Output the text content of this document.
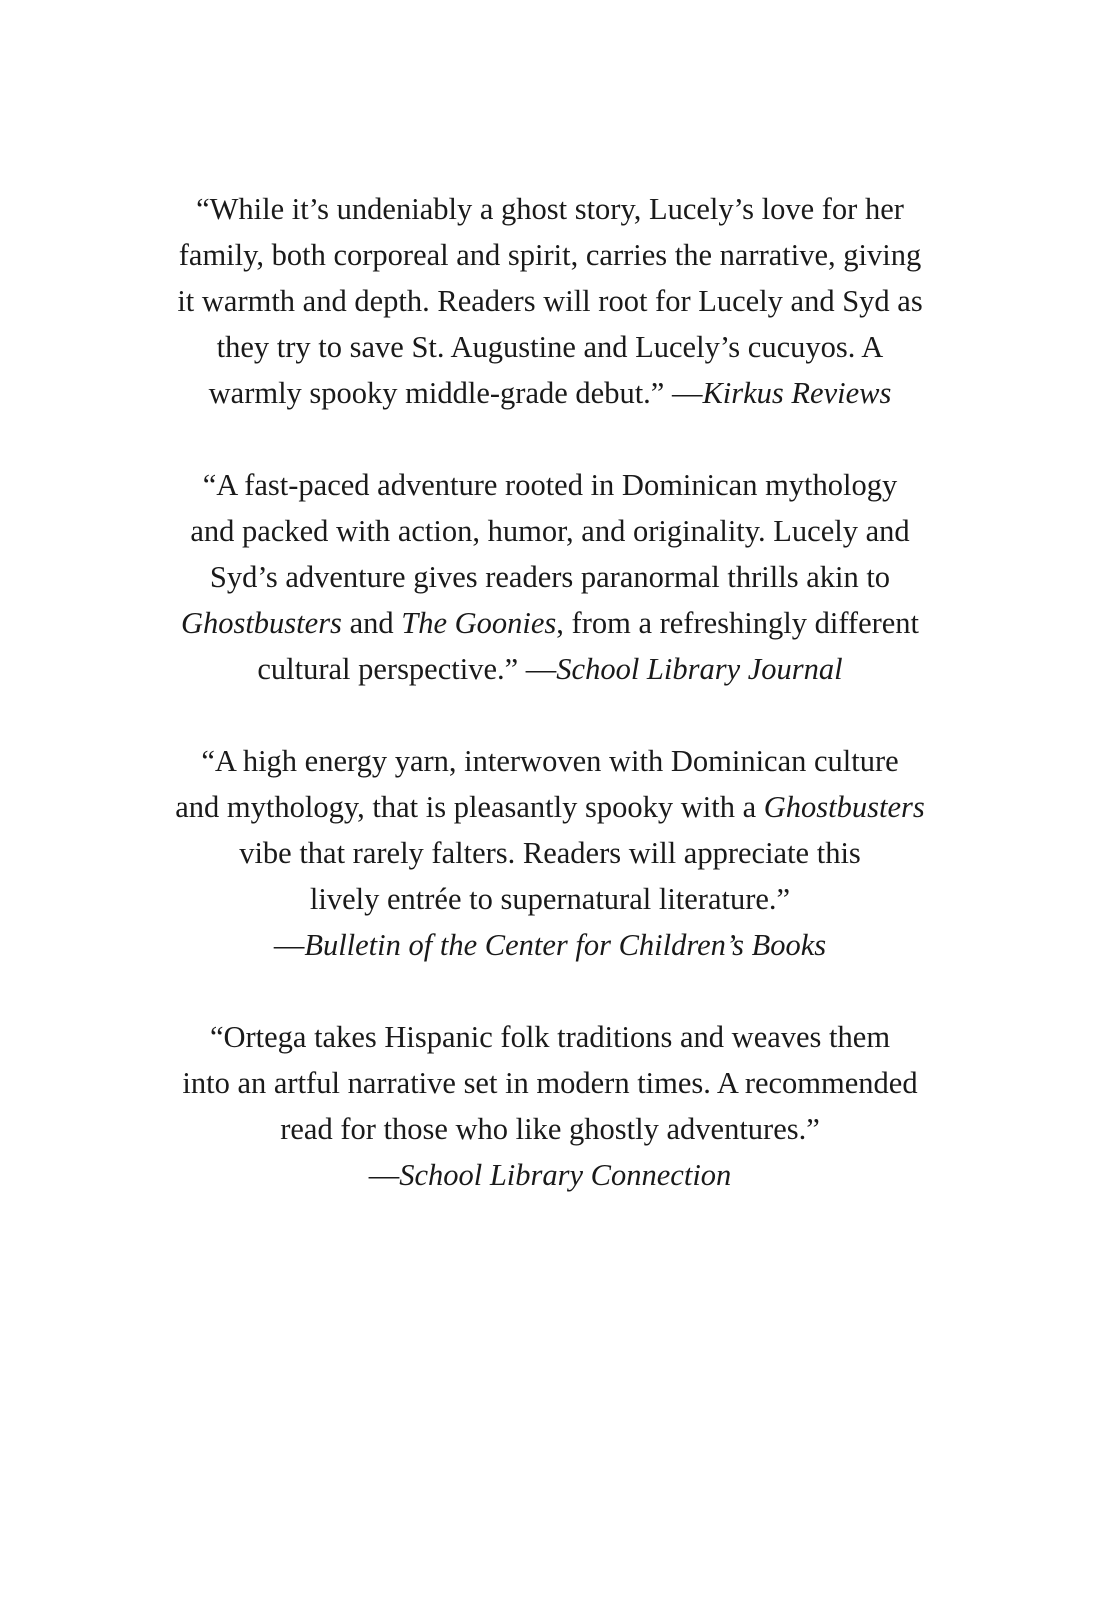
“While it’s undeniably a ghost story, Lucely’s love for her
family, both corporeal and spirit, carries the narrative, giving
it warmth and depth. Readers will root for Lucely and Syd as
they try to save St. Augustine and Lucely’s cucuyos. A
warmly spooky middle-grade debut.” —Kirkus Reviews
“A fast-paced adventure rooted in Dominican mythology
and packed with action, humor, and originality. Lucely and
Syd’s adventure gives readers paranormal thrills akin to
Ghostbusters and The Goonies, from a refreshingly different
cultural perspective.” —School Library Journal
“A high energy yarn, interwoven with Dominican culture
and mythology, that is pleasantly spooky with a Ghostbusters
vibe that rarely falters. Readers will appreciate this
lively entrée to supernatural literature.”
—Bulletin of the Center for Children’s Books
“Ortega takes Hispanic folk traditions and weaves them
into an artful narrative set in modern times. A recommended
read for those who like ghostly adventures.”
—School Library Connection
